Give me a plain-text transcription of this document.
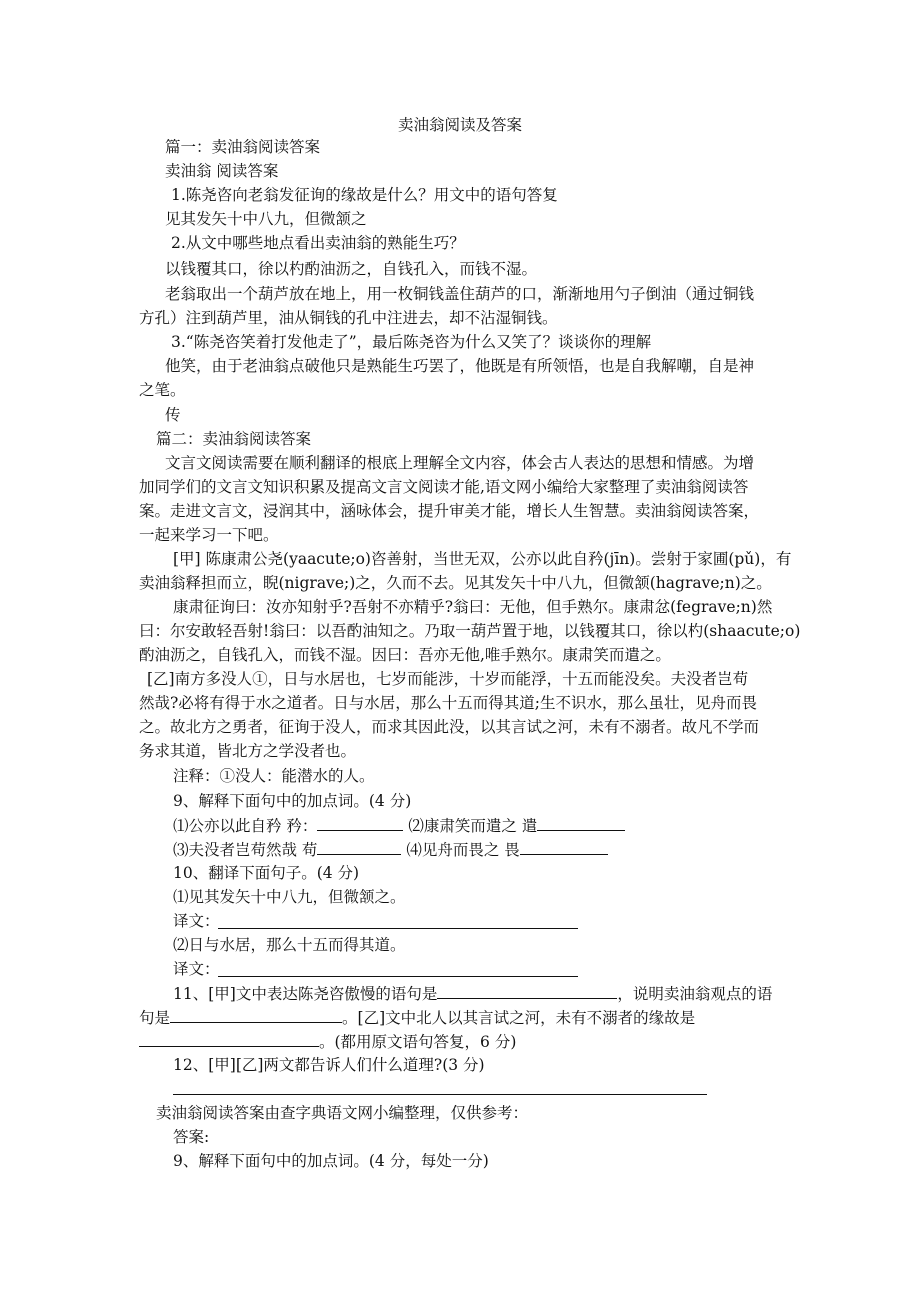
卖油翁阅读及答案
篇一：卖油翁阅读答案
卖油翁 阅读答案
1.陈尧咨向老翁发征询的缘故是什么？用文中的语句答复
见其发矢十中八九，但微颔之
2.从文中哪些地点看出卖油翁的熟能生巧？
以钱覆其口，徐以杓酌油沥之，自钱孔入，而钱不湿。
老翁取出一个葫芦放在地上，用一枚铜钱盖住葫芦的口，渐渐地用勺子倒油（通过铜钱
方孔）注到葫芦里，油从铜钱的孔中注进去，却不沾湿铜钱。
3.“陈尧咨笑着打发他走了”，最后陈尧咨为什么又笑了？谈谈你的理解
他笑，由于老油翁点破他只是熟能生巧罢了，他既是有所领悟，也是自我解嘲，自是神
之笔。
传
篇二：卖油翁阅读答案
文言文阅读需要在顺利翻译的根底上理解全文内容，体会古人表达的思想和情感。为增
加同学们的文言文知识积累及提高文言文阅读才能,语文网小编给大家整理了卖油翁阅读答
案。走进文言文，浸润其中，涵咏体会，提升审美才能，增长人生智慧。卖油翁阅读答案，
一起来学习一下吧。
[甲] 陈康肃公尧(yaacute;o)咨善射，当世无双，公亦以此自矜(jīn)。尝射于家圃(pǔ)，有
卖油翁释担而立，睨(nigrave;)之，久而不去。见其发矢十中八九，但微颔(hagrave;n)之。
康肃征询曰：汝亦知射乎?吾射不亦精乎?翁曰：无他，但手熟尔。康肃忿(fegrave;n)然
曰：尔安敢轻吾射!翁曰：以吾酌油知之。乃取一葫芦置于地，以钱覆其口，徐以杓(shaacute;o)
酌油沥之，自钱孔入，而钱不湿。因曰：吾亦无他,唯手熟尔。康肃笑而遣之。
[乙]南方多没人①，日与水居也，七岁而能涉，十岁而能浮，十五而能没矣。夫没者岂苟
然哉?必将有得于水之道者。日与水居，那么十五而得其道;生不识水，那么虽壮，见舟而畏
之。故北方之勇者，征询于没人，而求其因此没，以其言试之河，未有不溺者。故凡不学而
务求其道，皆北方之学没者也。
注释：①没人：能潜水的人。
9、解释下面句中的加点词。(4 分)
⑴公亦以此自矜 矜：	⑵康肃笑而遣之 遣
⑶夫没者岂苟然哉 苟	⑷见舟而畏之 畏
10、翻译下面句子。(4 分)
⑴见其发矢十中八九，但微颔之。
译文：
⑵日与水居，那么十五而得其道。
译文：
11、[甲]文中表达陈尧咨傲慢的语句是	，说明卖油翁观点的语
句是	。[乙]文中北人以其言试之河，未有不溺者的缘故是
。(都用原文语句答复，6 分)
12、[甲][乙]两文都告诉人们什么道理?(3 分)
卖油翁阅读答案由查字典语文网小编整理，仅供参考：
答案:
9、解释下面句中的加点词。(4 分，每处一分)
